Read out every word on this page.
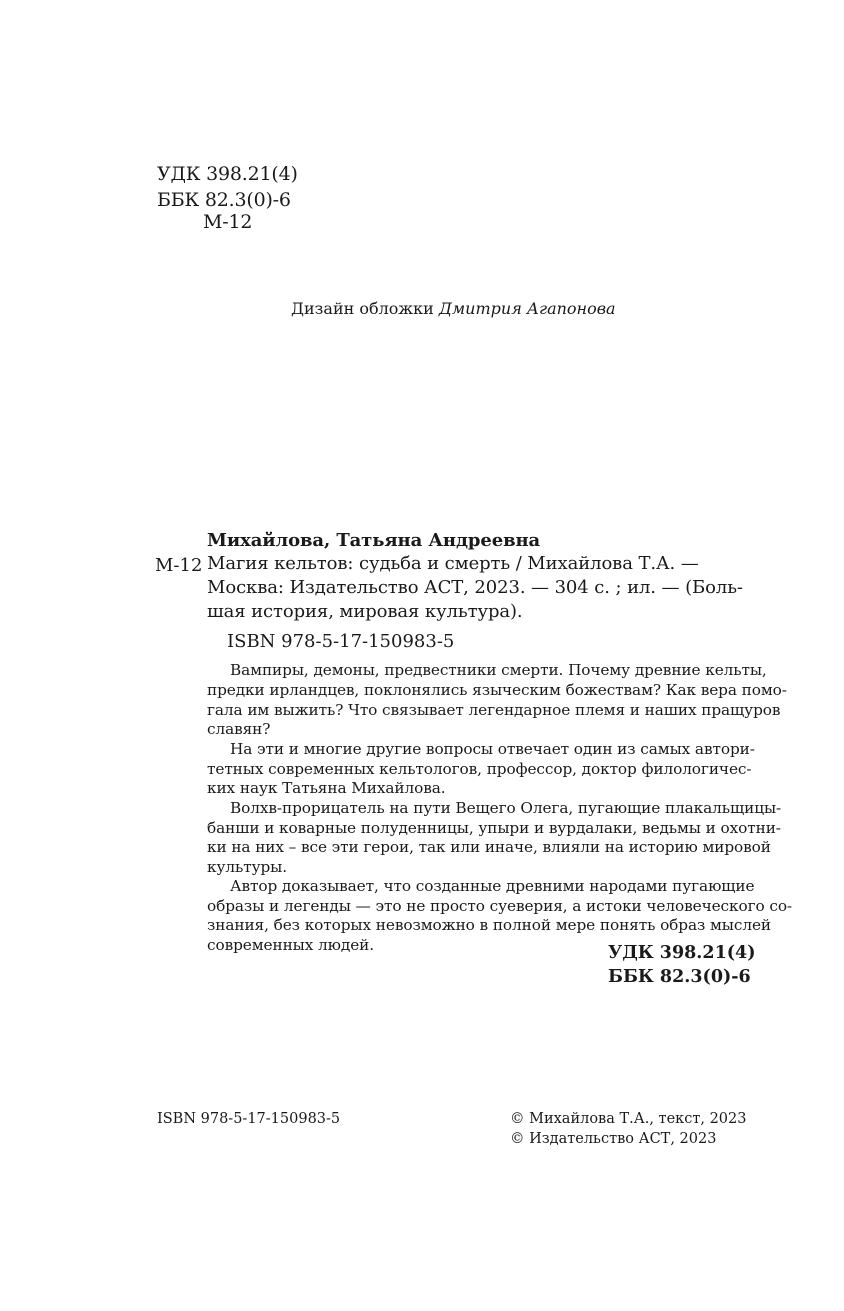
УДК 398.21(4)
ББК 82.3(0)-6
М-12
Дизайн обложки Дмитрия Агапонова
Михайлова, Татьяна Андреевна
М-12 Магия кельтов: судьба и смерть / Михайлова Т.А. —
Москва: Издательство АСТ, 2023. — 304 с. ; ил. — (Боль-
шая история, мировая культура).
ISBN 978-5-17-150983-5
Вампиры, демоны, предвестники смерти. Почему древние кельты,
предки ирландцев, поклонялись языческим божествам? Как вера помо-
гала им выжить? Что связывает легендарное племя и наших пращуров
славян?
На эти и многие другие вопросы отвечает один из самых автори-
тетных современных кельтологов, профессор, доктор филологичес-
ких наук Татьяна Михайлова.
Волхв-прорицатель на пути Вещего Олега, пугающие плакальщицы-
банши и коварные полуденницы, упыри и вурдалаки, ведьмы и охотни-
ки на них – все эти герои, так или иначе, влияли на историю мировой
культуры.
Автор доказывает, что созданные древними народами пугающие
образы и легенды — это не просто суеверия, а истоки человеческого со-
знания, без которых невозможно в полной мере понять образ мыслей
современных людей.	УДК 398.21(4)
ББК 82.3(0)-6
ISBN 978-5-17-150983-5	© Михайлова Т.А., текст, 2023
© Издательство АСТ, 2023
